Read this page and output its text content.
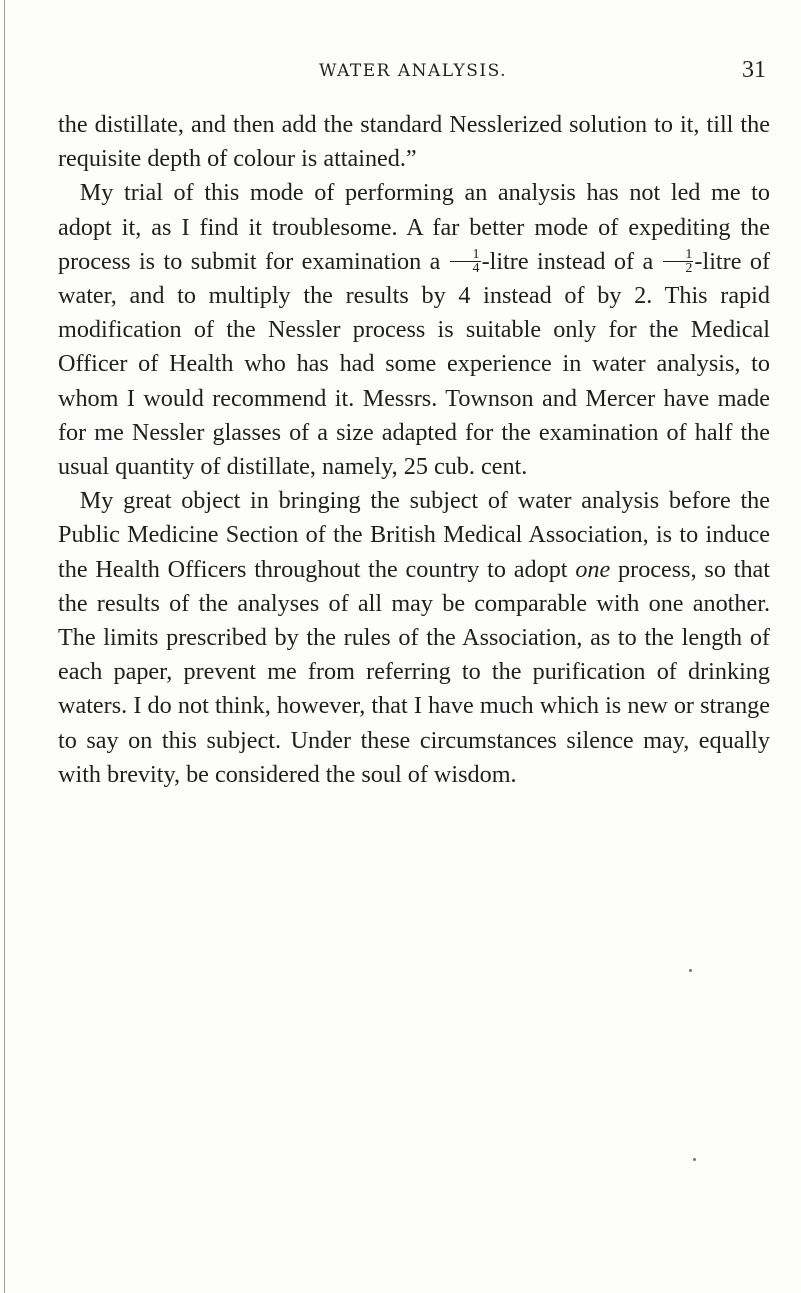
WATER ANALYSIS.	31

the distillate, and then add the standard Nesslerized solution to it, till the requisite depth of colour is attained.”

My trial of this mode of performing an analysis has not led me to adopt it, as I find it troublesome. A far better mode of expediting the process is to submit for examination a $\frac{1}{4}$ -litre instead of a $\frac{1}{2}$ -litre of water, and to multiply the results by 4 instead of by 2. This rapid modification of the Nessler process is suitable only for the Medical Officer of Health who has had some experience in water analysis, to whom I would recommend it. Messrs. Townson and Mercer have made for me Nessler glasses of a size adapted for the examination of half the usual quantity of distillate, namely, 25 cub. cent.

My great object in bringing the subject of water analysis before the Public Medicine Section of the British Medical Association, is to induce the Health Officers throughout the country to adopt one process, so that the results of the analyses of all may be comparable with one another. The limits prescribed by the rules of the Association, as to the length of each paper, prevent me from referring to the purification of drinking waters. I do not think, however, that I have much which is new or strange to say on this subject. Under these circumstances silence may, equally with brevity, be considered the soul of wisdom.
